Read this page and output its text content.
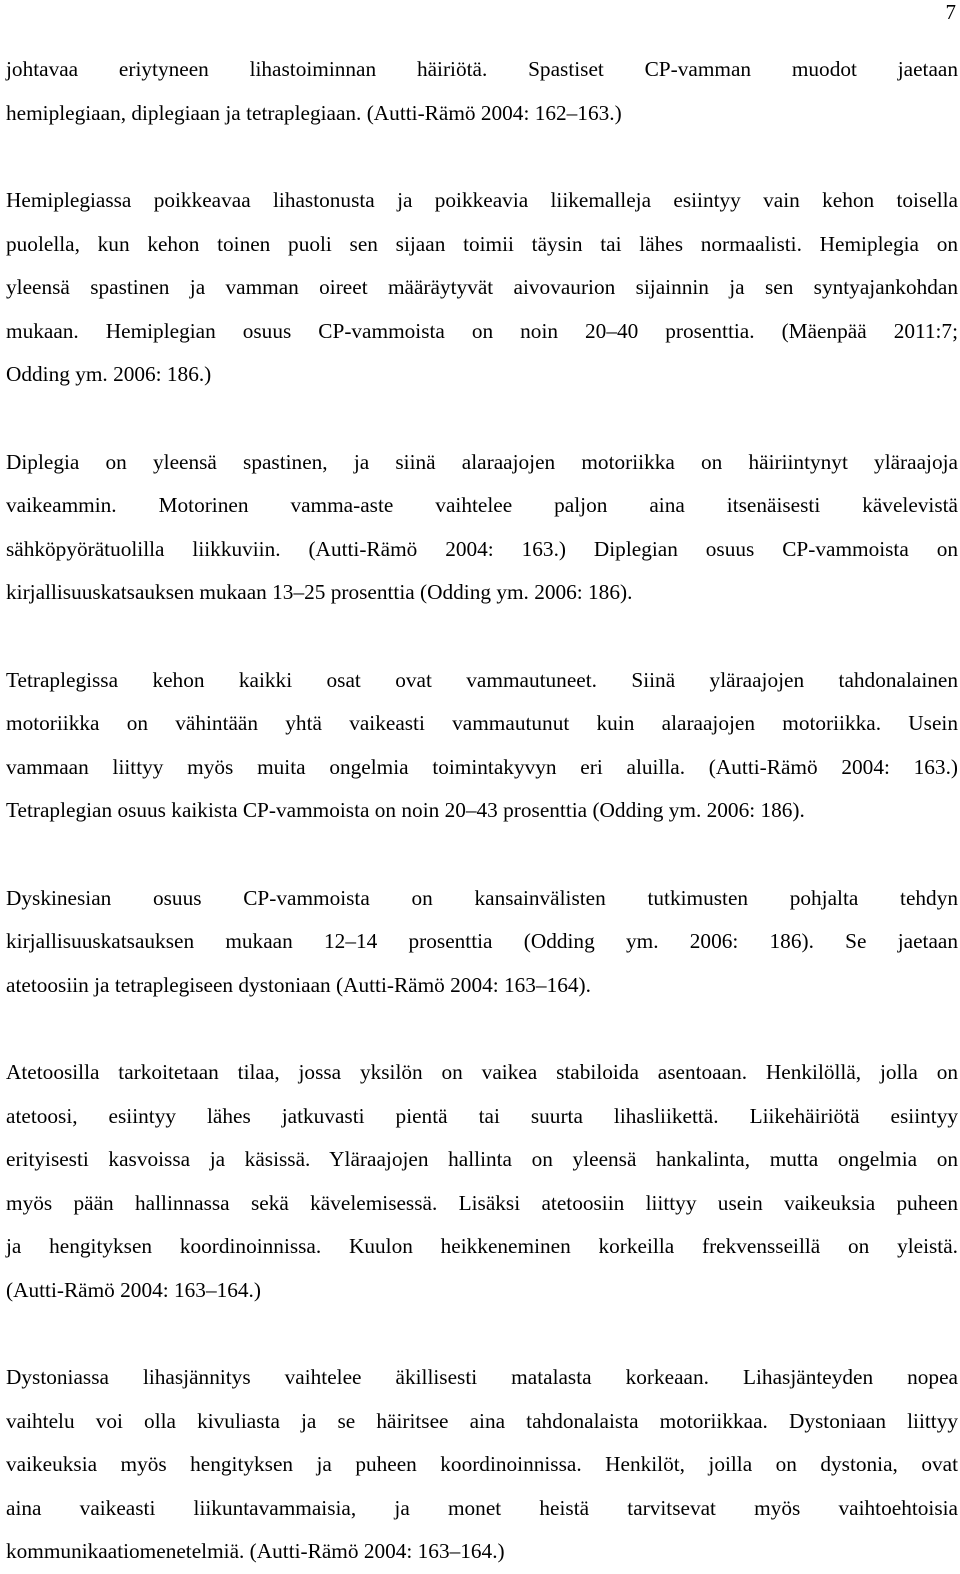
7
johtavaa eriytyneen lihastoiminnan häiriötä. Spastiset CP-vamman muodot jaetaan
hemiplegiaan, diplegiaan ja tetraplegiaan. (Autti-Rämö 2004: 162–163.)
Hemiplegiassa poikkeavaa lihastonusta ja poikkeavia liikemalleja esiintyy vain kehon toisella
puolella, kun kehon toinen puoli sen sijaan toimii täysin tai lähes normaalisti. Hemiplegia on
yleensä spastinen ja vamman oireet määräytyvät aivovaurion sijainnin ja sen syntyajankohdan
mukaan. Hemiplegian osuus CP-vammoista on noin 20–40 prosenttia. (Mäenpää 2011:7;
Odding ym. 2006: 186.)
Diplegia on yleensä spastinen, ja siinä alaraajojen motoriikka on häiriintynyt yläraajoja
vaikeammin. Motorinen vamma-aste vaihtelee paljon aina itsenäisesti kävelevistä
sähköpyörätuolilla liikkuviin. (Autti-Rämö 2004: 163.) Diplegian osuus CP-vammoista on
kirjallisuuskatsauksen mukaan 13–25 prosenttia (Odding ym. 2006: 186).
Tetraplegissa kehon kaikki osat ovat vammautuneet. Siinä yläraajojen tahdonalainen
motoriikka on vähintään yhtä vaikeasti vammautunut kuin alaraajojen motoriikka. Usein
vammaan liittyy myös muita ongelmia toimintakyvyn eri aluilla. (Autti-Rämö 2004: 163.)
Tetraplegian osuus kaikista CP-vammoista on noin 20–43 prosenttia (Odding ym. 2006: 186).
Dyskinesian osuus CP-vammoista on kansainvälisten tutkimusten pohjalta tehdyn
kirjallisuuskatsauksen mukaan 12–14 prosenttia (Odding ym. 2006: 186). Se jaetaan
atetoosiin ja tetraplegiseen dystoniaan (Autti-Rämö 2004: 163–164).
Atetoosilla tarkoitetaan tilaa, jossa yksilön on vaikea stabiloida asentoaan. Henkilöllä, jolla on
atetoosi, esiintyy lähes jatkuvasti pientä tai suurta lihasliikettä. Liikehäiriötä esiintyy
erityisesti kasvoissa ja käsissä. Yläraajojen hallinta on yleensä hankalinta, mutta ongelmia on
myös pään hallinnassa sekä kävelemisessä. Lisäksi atetoosiin liittyy usein vaikeuksia puheen
ja hengityksen koordinoinnissa. Kuulon heikkeneminen korkeilla frekvensseillä on yleistä.
(Autti-Rämö 2004: 163–164.)
Dystoniassa lihasjännitys vaihtelee äkillisesti matalasta korkeaan. Lihasjänteyden nopea
vaihtelu voi olla kivuliasta ja se häiritsee aina tahdonalaista motoriikkaa. Dystoniaan liittyy
vaikeuksia myös hengityksen ja puheen koordinoinnissa. Henkilöt, joilla on dystonia, ovat
aina vaikeasti liikuntavammaisia, ja monet heistä tarvitsevat myös vaihtoehtoisia
kommunikaatiomenetelmiä. (Autti-Rämö 2004: 163–164.)
